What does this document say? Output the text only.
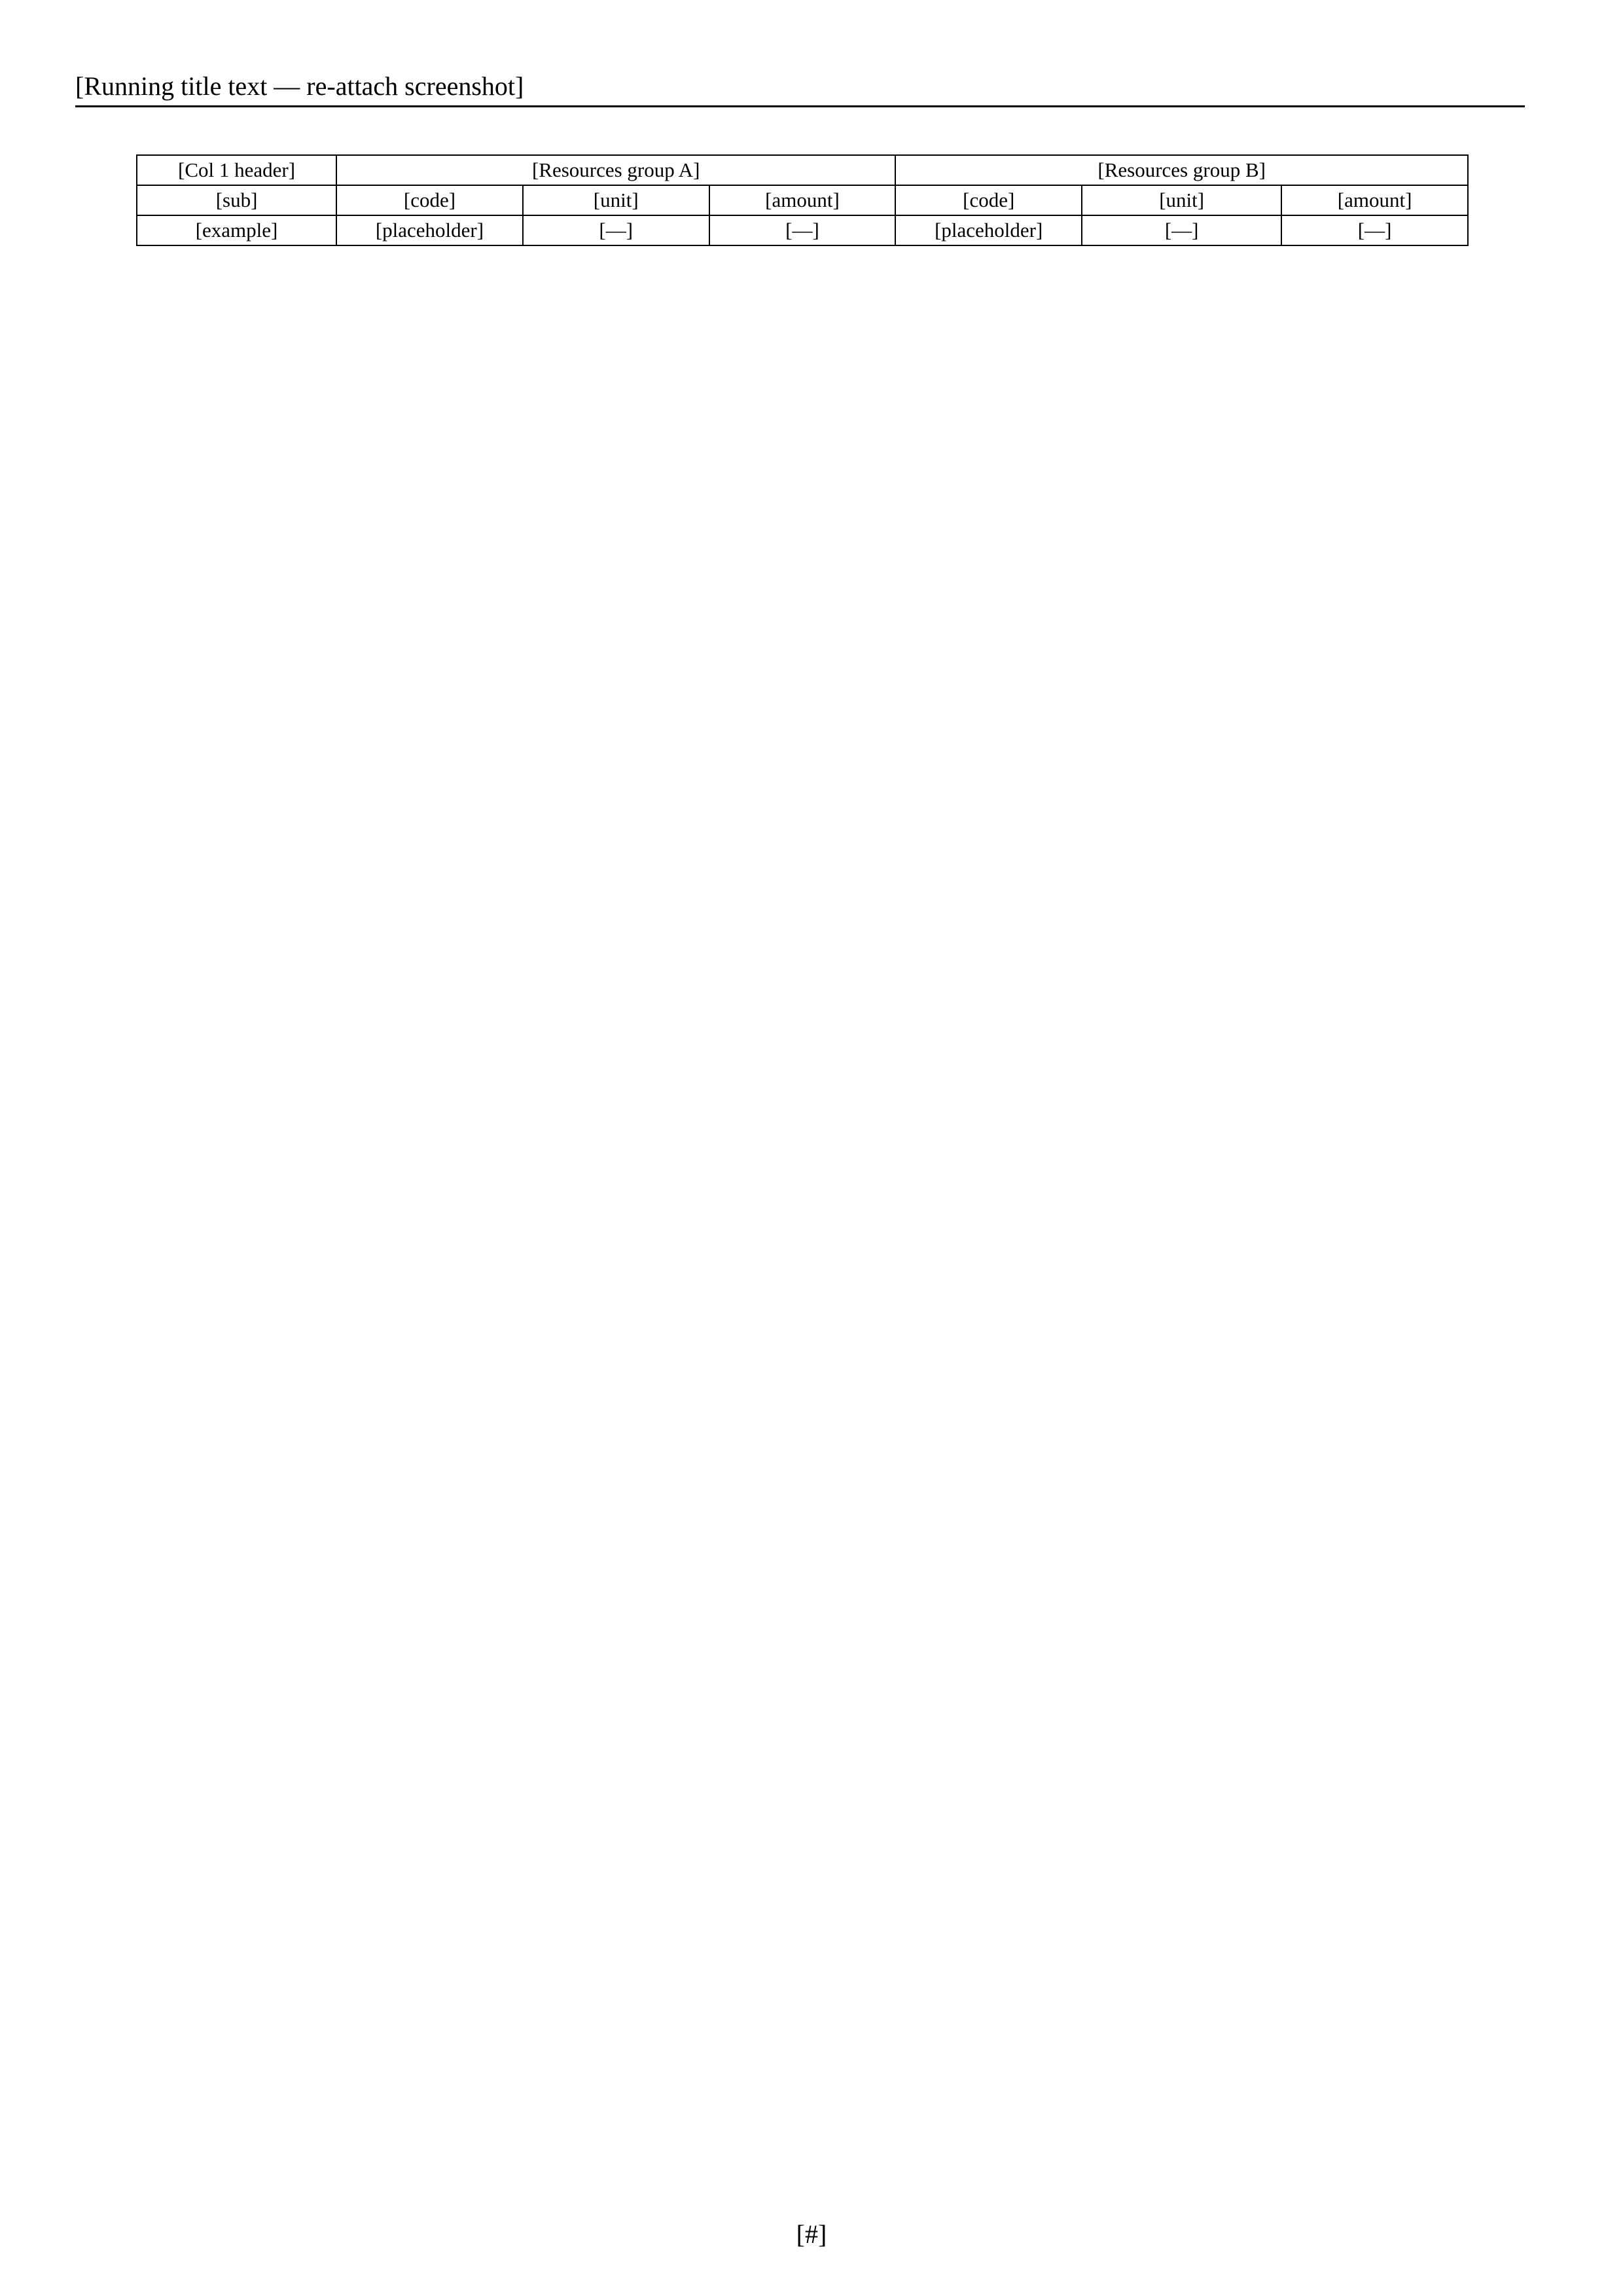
[Running title text — re-attach screenshot]
[Col 1 header]	[Resources group A]			[Resources group B]		
[sub]	[code]	[unit]	[amount]	[code]	[unit]	[amount]
[example]	[placeholder]	[—]	[—]	[placeholder]	[—]	[—]
[#]
